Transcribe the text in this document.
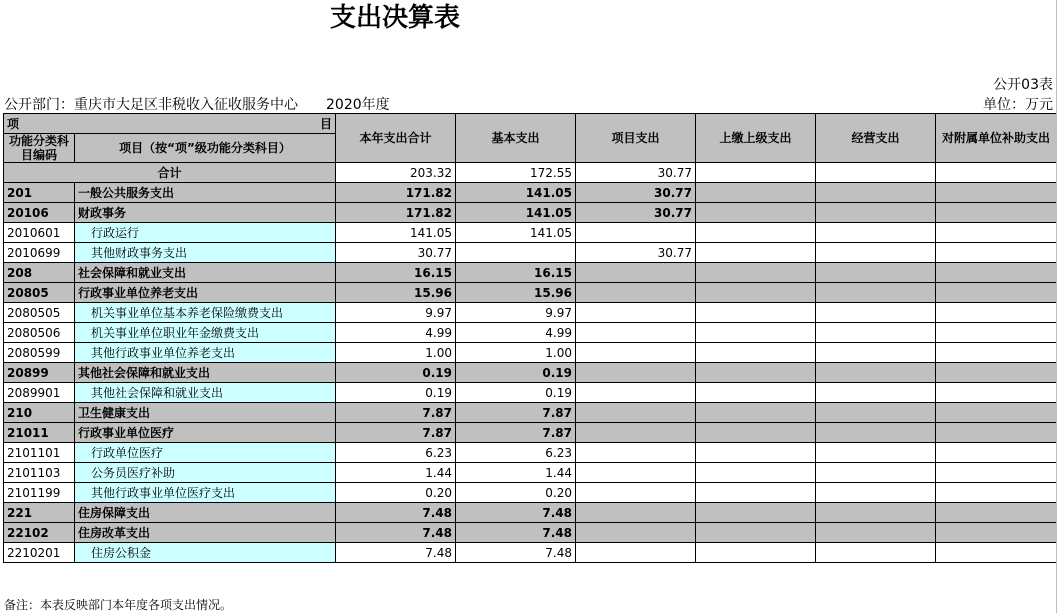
支出决算表
公开03表
公开部门：重庆市大足区非税收入征收服务中心 2020年度	单位：万元
项	目	本年支出合计	基本支出	项目支出	上缴上级支出	经营支出	对附属单位补助支出
功能分类科目编码	项目（按“项”级功能分类科目）						
合计		203.32	172.55	30.77			
201	一般公共服务支出	171.82	141.05	30.77			
20106	财政事务	171.82	141.05	30.77			
2010601	行政运行	141.05	141.05				
2010699	其他财政事务支出	30.77		30.77			
208	社会保障和就业支出	16.15	16.15				
20805	行政事业单位养老支出	15.96	15.96				
2080505	机关事业单位基本养老保险缴费支出	9.97	9.97				
2080506	机关事业单位职业年金缴费支出	4.99	4.99				
2080599	其他行政事业单位养老支出	1.00	1.00				
20899	其他社会保障和就业支出	0.19	0.19				
2089901	其他社会保障和就业支出	0.19	0.19				
210	卫生健康支出	7.87	7.87				
21011	行政事业单位医疗	7.87	7.87				
2101101	行政单位医疗	6.23	6.23				
2101103	公务员医疗补助	1.44	1.44				
2101199	其他行政事业单位医疗支出	0.20	0.20				
221	住房保障支出	7.48	7.48				
22102	住房改革支出	7.48	7.48				
2210201	住房公积金	7.48	7.48				
备注：本表反映部门本年度各项支出情况。
